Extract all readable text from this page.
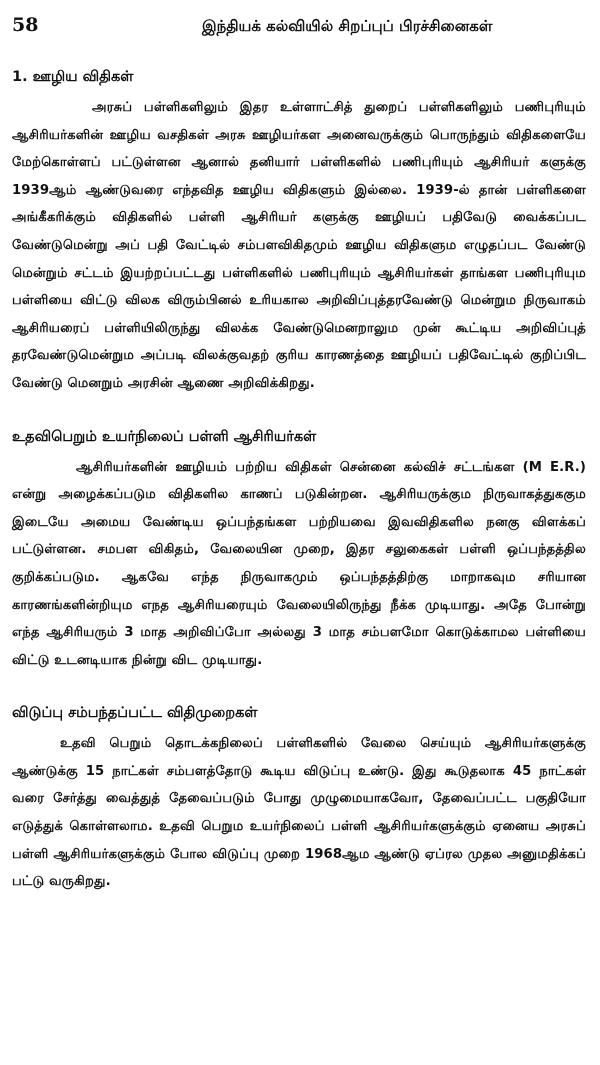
58	இந்தியக் கல்வியில் சிறப்புப் பிரச்சினைகள்
1. ஊழிய விதிகள்

அரசுப் பள்ளிகளிலும் இதர உள்ளாட்சித் துறைப் பள்ளிகளிலும் பணிபுரியும் ஆசிரியர்களின் ஊழிய வசதிகள் அரசு ஊழியர்கள அனைவருக்கும் பொருந்தும் விதிகளையே மேற்கொள்ளப் பட்டுள்ளன ஆனால் தனியார் பள்ளிகளில் பணிபுரியும் ஆசிரியர் களுக்கு 1939ஆம் ஆண்டுவரை எந்தவித ஊழிய விதிகளும் இல்லை. 1939-ல் தான் பள்ளிகளை அங்கீகரிக்கும் விதிகளில் பள்ளி ஆசிரியர் களுக்கு ஊழியப் பதிவேடு வைக்கப்பட வேண்டுமென்று அப் பதி வேட்டில் சம்பளவிகிதமும் ஊழிய விதிகளும எழுதப்பட வேண்டு மென்றும் சட்டம் இயற்றப்பட்டது பள்ளிகளில் பணிபுரியும் ஆசிரியர்கள் தாங்கள பணிபுரியும பள்ளியை விட்டு விலக விரும்பினல் உரியகால அறிவிப்புத்தரவேண்டு மென்றும நிருவாகம் ஆசிரியரைப் பள்ளியிலிருந்து விலக்க வேண்டுமெனறாலும முன் கூட்டிய அறிவிப்புத் தரவேண்டுமென்றும அப்படி விலக்குவதற் குரிய காரணத்தை ஊழியப் பதிவேட்டில் குறிப்பிட வேண்டு மெனறும் அரசின் ஆணை அறிவிக்கிறது.

உதவிபெறும் உயர்நிலைப் பள்ளி ஆசிரியர்கள்

ஆசிரியர்களின் ஊழியம் பற்றிய விதிகள் சென்னை கல்விச் சட்டங்கள (M E.R.) என்று அழைக்கப்படும விதிகளில காணப் படுகின்றன. ஆசிரியருக்கும நிருவாகத்துககும இடையே அமைய வேண்டிய ஒப்பந்தங்கள பற்றியவை இவவிதிகளில நனகு விளக்கப் பட்டுள்ளன. சமபள விகிதம், வேலையின முறை, இதர சலுகைகள் பள்ளி ஒப்பந்தத்தில குறிக்கப்படும. ஆகவே எந்த நிருவாகமும் ஒப்பந்தத்திற்கு மாறாகவும சரியான காரணங்களின்றியும எநத ஆசிரியரையும் வேலையிலிருந்து நீக்க முடியாது. அதே போன்று எந்த ஆசிரியரும் 3 மாத அறிவிப்போ அல்லது 3 மாத சம்பளமோ கொடுக்காமல பள்ளியை விட்டு உடனடியாக நின்று விட முடியாது.

விடுப்பு சம்பந்தப்பட்ட விதிமுறைகள்

உதவி பெறும் தொடக்கநிலைப் பள்ளிகளில் வேலை செய்யும் ஆசிரியர்களுக்கு ஆண்டுக்கு 15 நாட்கள் சம்பளத்தோடு கூடிய விடுப்பு உண்டு. இது கூடுதலாக 45 நாட்கள் வரை சேர்த்து வைத்துத் தேவைப்படும் போது முழுமையாகவோ, தேவைப்பட்ட பகுதியோ எடுத்துக் கொள்ளலாம. உதவி பெறும உயர்நிலைப் பள்ளி ஆசிரியர்களுக்கும் ஏனைய அரசுப் பள்ளி ஆசிரியர்களுக்கும் போல விடுப்பு முறை 1968ஆம ஆண்டு ஏப்ரல முதல அனுமதிக்கப் பட்டு வருகிறது.
